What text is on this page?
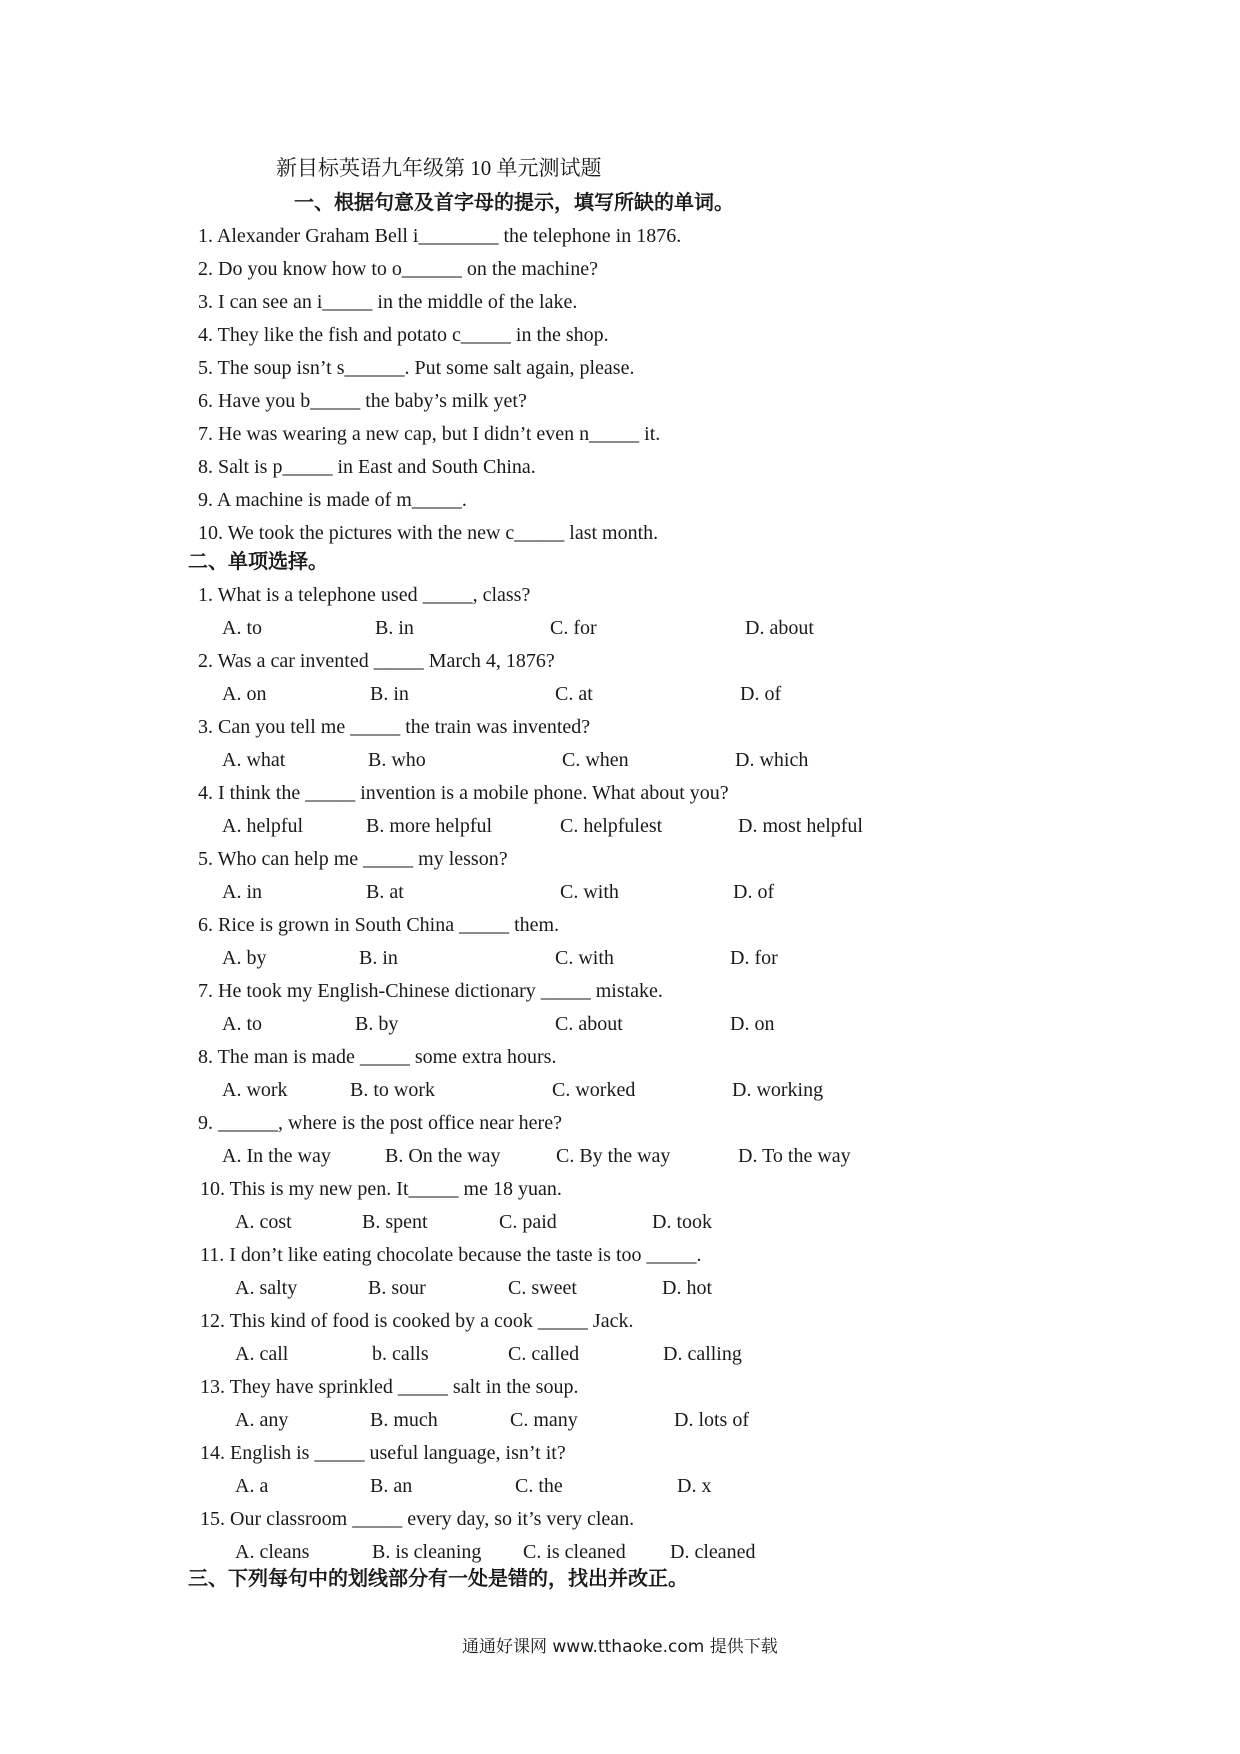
新目标英语九年级第 10 单元测试题
一、根据句意及首字母的提示，填写所缺的单词。
1. Alexander Graham Bell i________ the telephone in 1876.
2. Do you know how to o______ on the machine?
3. I can see an i_____ in the middle of the lake.
4. They like the fish and potato c_____ in the shop.
5. The soup isn’t s______. Put some salt again, please.
6. Have you b_____ the baby’s milk yet?
7. He was wearing a new cap, but I didn’t even n_____ it.
8. Salt is p_____ in East and South China.
9. A machine is made of m_____.
10. We took the pictures with the new c_____ last month.
二、单项选择。
1. What is a telephone used _____, class?
A. to	B. in	C. for	D. about
2. Was a car invented _____ March 4, 1876?
A. on	B. in	C. at	D. of
3. Can you tell me _____ the train was invented?
A. what	B. who	C. when	D. which
4. I think the _____ invention is a mobile phone. What about you?
A. helpful	B. more helpful	C. helpfulest	D. most helpful
5. Who can help me _____ my lesson?
A. in	B. at	C. with	D. of
6. Rice is grown in South China _____ them.
A. by	B. in	C. with	D. for
7. He took my English-Chinese dictionary _____ mistake.
A. to	B. by	C. about	D. on
8. The man is made _____ some extra hours.
A. work	B. to work	C. worked	D. working
9. ______, where is the post office near here?
A. In the way	B. On the way	C. By the way	D. To the way
10. This is my new pen. It_____ me 18 yuan.
A. cost	B. spent	C. paid	D. took
11. I don’t like eating chocolate because the taste is too _____.
A. salty	B. sour	C. sweet	D. hot
12. This kind of food is cooked by a cook _____ Jack.
A. call	b. calls	C. called	D. calling
13. They have sprinkled _____ salt in the soup.
A. any	B. much	C. many	D. lots of
14. English is _____ useful language, isn’t it?
A. a	B. an	C. the	D. x
15. Our classroom _____ every day, so it’s very clean.
A. cleans	B. is cleaning C. is cleaned D. cleaned
三、下列每句中的划线部分有一处是错的，找出并改正。
通通好课网 www.tthaoke.com 提供下载
